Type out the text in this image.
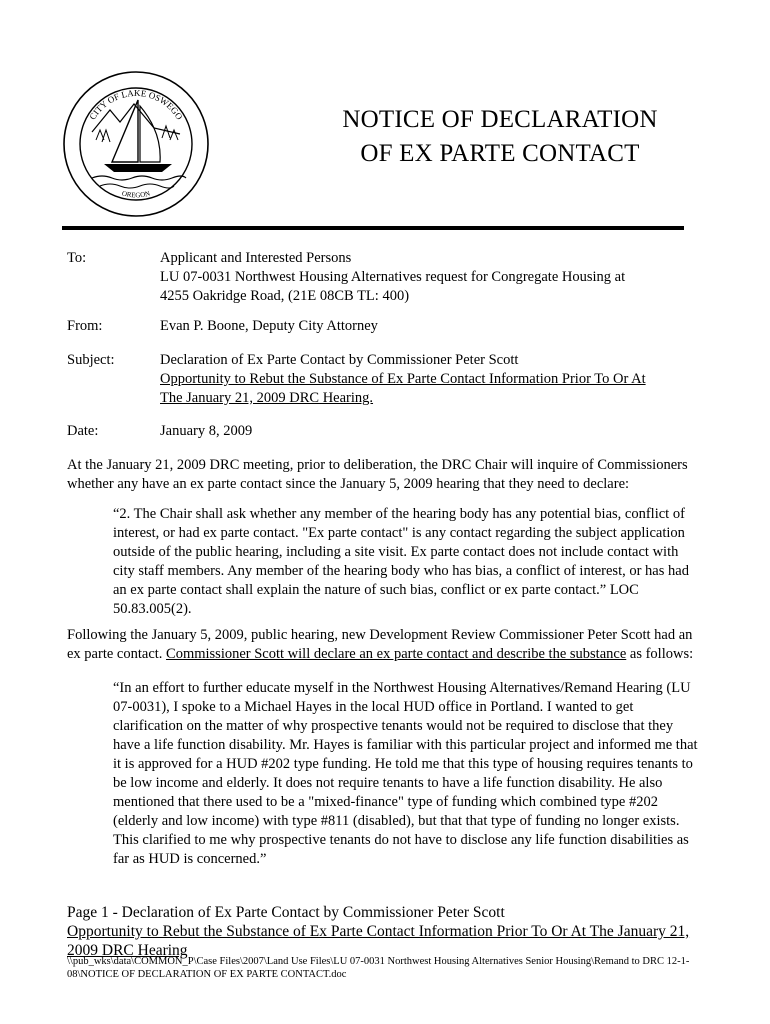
CITY OF LAKE OSWEGO
OREGON
NOTICE OF DECLARATION
OF EX PARTE CONTACT
To:	Applicant and Interested Persons
LU 07-0031 Northwest Housing Alternatives request for Congregate Housing at
4255 Oakridge Road, (21E 08CB TL: 400)
From:	Evan P. Boone, Deputy City Attorney
Subject:	Declaration of Ex Parte Contact by Commissioner Peter Scott
Opportunity to Rebut the Substance of Ex Parte Contact Information Prior To Or At
The January 21, 2009 DRC Hearing.
Date:	January 8, 2009
At the January 21, 2009 DRC meeting, prior to deliberation, the DRC Chair will inquire of Commissioners
whether any have an ex parte contact since the January 5, 2009 hearing that they need to declare:
“2. The Chair shall ask whether any member of the hearing body has any potential bias, conflict of
interest, or had ex parte contact. "Ex parte contact" is any contact regarding the subject application
outside of the public hearing, including a site visit. Ex parte contact does not include contact with
city staff members. Any member of the hearing body who has bias, a conflict of interest, or has had
an ex parte contact shall explain the nature of such bias, conflict or ex parte contact.” LOC
50.83.005(2).
Following the January 5, 2009, public hearing, new Development Review Commissioner Peter Scott had an
ex parte contact. Commissioner Scott will declare an ex parte contact and describe the substance as follows:
“In an effort to further educate myself in the Northwest Housing Alternatives/Remand Hearing (LU
07-0031), I spoke to a Michael Hayes in the local HUD office in Portland. I wanted to get
clarification on the matter of why prospective tenants would not be required to disclose that they
have a life function disability. Mr. Hayes is familiar with this particular project and informed me that
it is approved for a HUD #202 type funding. He told me that this type of housing requires tenants to
be low income and elderly. It does not require tenants to have a life function disability. He also
mentioned that there used to be a "mixed-finance" type of funding which combined type #202
(elderly and low income) with type #811 (disabled), but that that type of funding no longer exists.
This clarified to me why prospective tenants do not have to disclose any life function disabilities as
far as HUD is concerned.”
Page 1 - Declaration of Ex Parte Contact by Commissioner Peter Scott
Opportunity to Rebut the Substance of Ex Parte Contact Information Prior To Or At The January 21,
2009 DRC Hearing
\\pub_wks\data\COMMON_P\Case Files\2007\Land Use Files\LU 07-0031 Northwest Housing Alternatives Senior Housing\Remand to DRC 12-1-
08\NOTICE OF DECLARATION OF EX PARTE CONTACT.doc
